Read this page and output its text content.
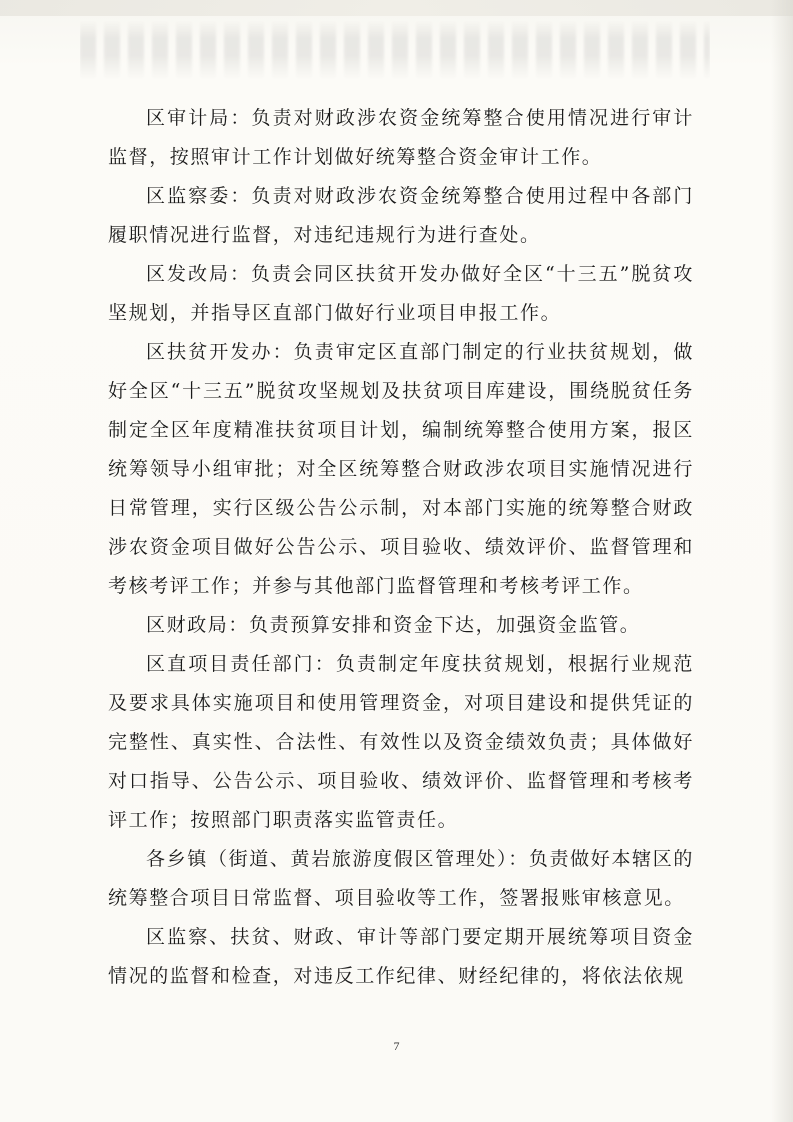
区审计局：负责对财政涉农资金统筹整合使用情况进行审计监督，按照审计工作计划做好统筹整合资金审计工作。

区监察委：负责对财政涉农资金统筹整合使用过程中各部门履职情况进行监督，对违纪违规行为进行查处。

区发改局：负责会同区扶贫开发办做好全区“十三五”脱贫攻坚规划，并指导区直部门做好行业项目申报工作。

区扶贫开发办：负责审定区直部门制定的行业扶贫规划，做好全区“十三五”脱贫攻坚规划及扶贫项目库建设，围绕脱贫任务制定全区年度精准扶贫项目计划，编制统筹整合使用方案，报区统筹领导小组审批；对全区统筹整合财政涉农项目实施情况进行日常管理，实行区级公告公示制，对本部门实施的统筹整合财政涉农资金项目做好公告公示、项目验收、绩效评价、监督管理和考核考评工作；并参与其他部门监督管理和考核考评工作。

区财政局：负责预算安排和资金下达，加强资金监管。

区直项目责任部门：负责制定年度扶贫规划，根据行业规范及要求具体实施项目和使用管理资金，对项目建设和提供凭证的完整性、真实性、合法性、有效性以及资金绩效负责；具体做好对口指导、公告公示、项目验收、绩效评价、监督管理和考核考评工作；按照部门职责落实监管责任。

各乡镇（街道、黄岩旅游度假区管理处）：负责做好本辖区的统筹整合项目日常监督、项目验收等工作，签署报账审核意见。

区监察、扶贫、财政、审计等部门要定期开展统筹项目资金情况的监督和检查，对违反工作纪律、财经纪律的，将依法依规

7
